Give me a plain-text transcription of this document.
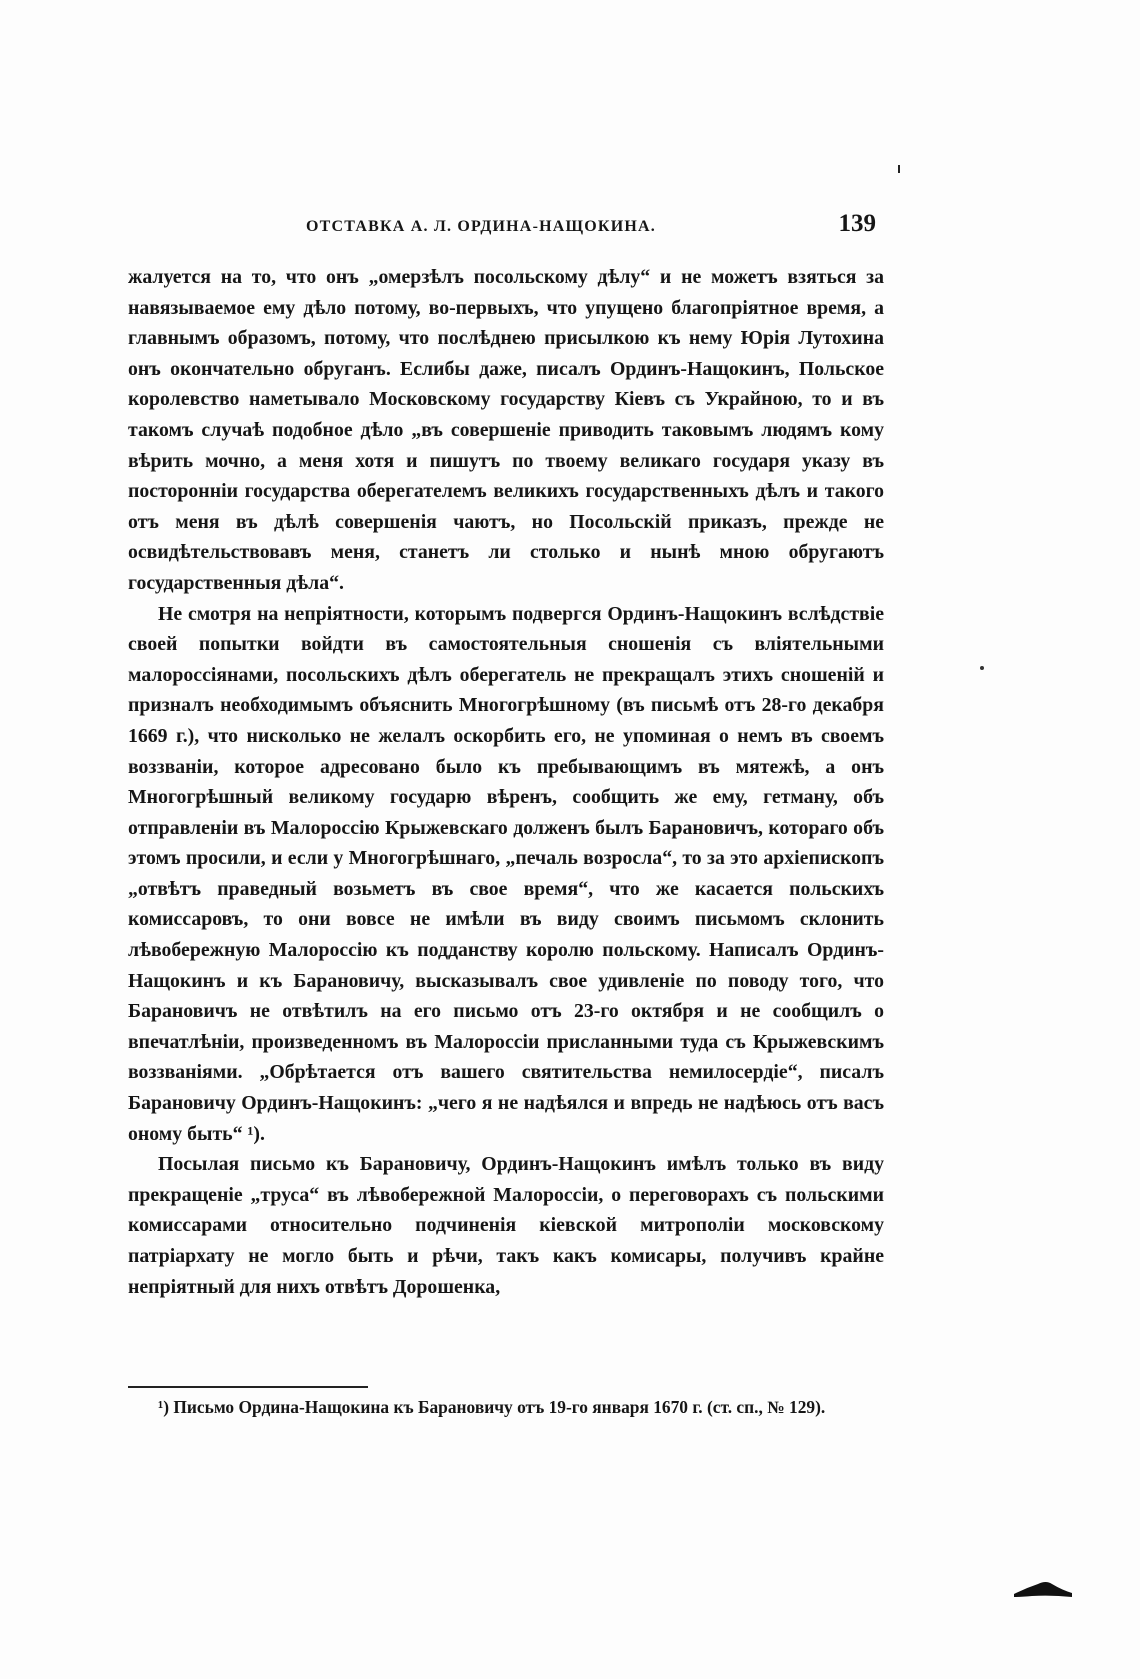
ОТСТАВКА А. Л. ОРДИНА-НАЩОКИНА.	139

жалуется на то, что онъ „омерзѣлъ посольскому дѣлу“ и не можетъ взяться за навязываемое ему дѣло потому, во-первыхъ, что упущено благопріятное время, а главнымъ образомъ, потому, что послѣднею присылкою къ нему Юрія Лутохина онъ окончательно обруганъ. Еслибы даже, писалъ Ординъ-Нащокинъ, Польское королевство наметывало Московскому государству Кіевъ съ Украйною, то и въ такомъ случаѣ подобное дѣло „въ совершеніе приводить таковымъ людямъ кому вѣрить мочно, а меня хотя и пишутъ по твоему великаго государя указу въ посторонніи государства оберегателемъ великихъ государственныхъ дѣлъ и такого отъ меня въ дѣлѣ совершенія чаютъ, но Посольскій приказъ, прежде не освидѣтельствовавъ меня, станетъ ли столько и нынѣ мною обругаютъ государственныя дѣла“.

Не смотря на непріятности, которымъ подвергся Ординъ-Нащокинъ вслѣдствіе своей попытки войдти въ самостоятельныя сношенія съ вліятельными малороссіянами, посольскихъ дѣлъ оберегатель не прекращалъ этихъ сношеній и призналъ необходимымъ объяснить Многогрѣшному (въ письмѣ отъ 28-го декабря 1669 г.), что нисколько не желалъ оскорбить его, не упоминая о немъ въ своемъ воззваніи, которое адресовано было къ пребывающимъ въ мятежѣ, а онъ Многогрѣшный великому государю вѣренъ, сообщить же ему, гетману, объ отправленіи въ Малороссію Крыжевскаго долженъ былъ Барановичъ, котораго объ этомъ просили, и если у Многогрѣшнаго, „печаль возросла“, то за это архіепископъ „отвѣтъ праведный возьметъ въ свое время“, что же касается польскихъ комиссаровъ, то они вовсе не имѣли въ виду своимъ письмомъ склонить лѣвобережную Малороссію къ подданству королю польскому. Написалъ Ординъ-Нащокинъ и къ Барановичу, высказывалъ свое удивленіе по поводу того, что Барановичъ не отвѣтилъ на его письмо отъ 23-го октября и не сообщилъ о впечатлѣніи, произведенномъ въ Малороссіи присланными туда съ Крыжевскимъ воззваніями. „Обрѣтается отъ вашего святительства немилосердіе“, писалъ Барановичу Ординъ-Нащокинъ: „чего я не надѣялся и впредь не надѣюсь отъ васъ оному быть“ ¹).

Посылая письмо къ Барановичу, Ординъ-Нащокинъ имѣлъ только въ виду прекращеніе „труса“ въ лѣвобережной Малороссіи, о переговорахъ съ польскими комиссарами относительно подчиненія кіевской митрополіи московскому патріархату не могло быть и рѣчи, такъ какъ комисары, получивъ крайне непріятный для нихъ отвѣтъ Дорошенка,

¹) Письмо Ордина-Нащокина къ Барановичу отъ 19-го января 1670 г. (ст. сп., № 129).
